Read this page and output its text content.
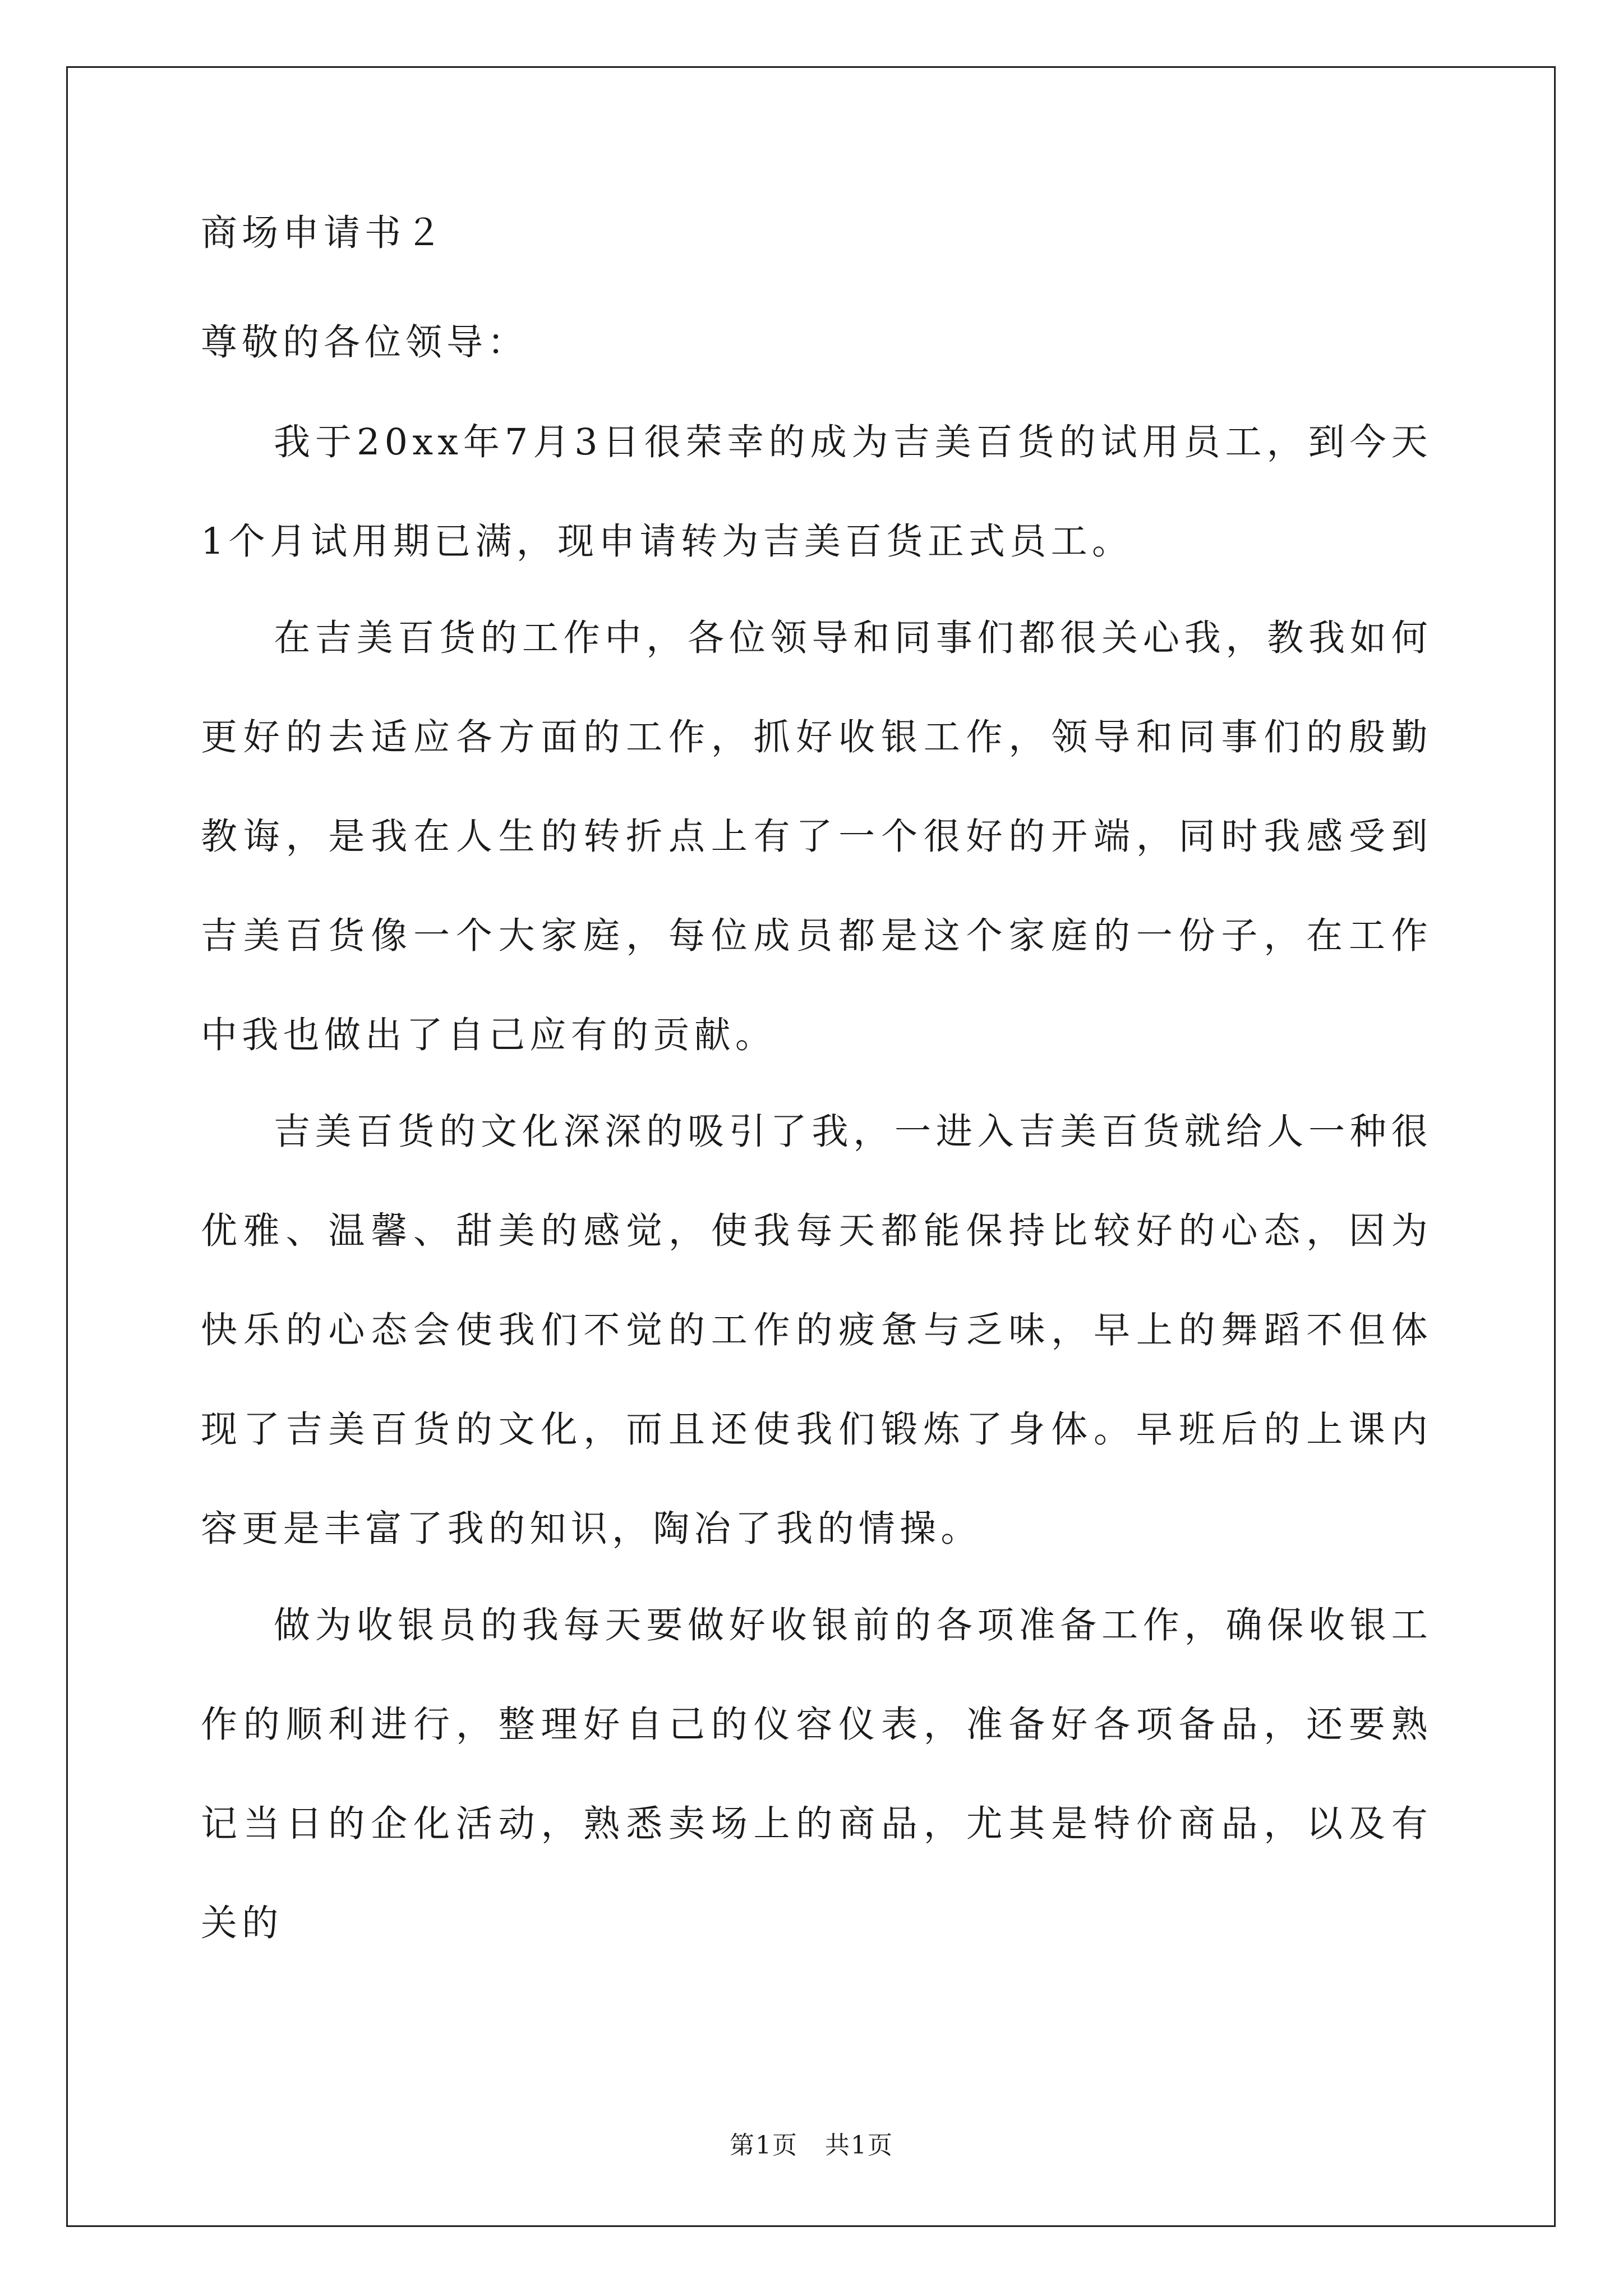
商场申请书２
尊敬的各位领导：
我于20xx年7月3日很荣幸的成为吉美百货的试用员工，到今天1个月试用期已满，现申请转为吉美百货正式员工。
在吉美百货的工作中，各位领导和同事们都很关心我，教我如何更好的去适应各方面的工作，抓好收银工作，领导和同事们的殷勤教诲，是我在人生的转折点上有了一个很好的开端，同时我感受到吉美百货像一个大家庭，每位成员都是这个家庭的一份子，在工作中我也做出了自己应有的贡献。
吉美百货的文化深深的吸引了我，一进入吉美百货就给人一种很优雅、温馨、甜美的感觉，使我每天都能保持比较好的心态，因为快乐的心态会使我们不觉的工作的疲惫与乏味，早上的舞蹈不但体现了吉美百货的文化，而且还使我们锻炼了身体。早班后的上课内容更是丰富了我的知识，陶冶了我的情操。
做为收银员的我每天要做好收银前的各项准备工作，确保收银工作的顺利进行，整理好自己的仪容仪表，准备好各项备品，还要熟记当日的企化活动，熟悉卖场上的商品，尤其是特价商品，以及有关的
第1页   共1页
